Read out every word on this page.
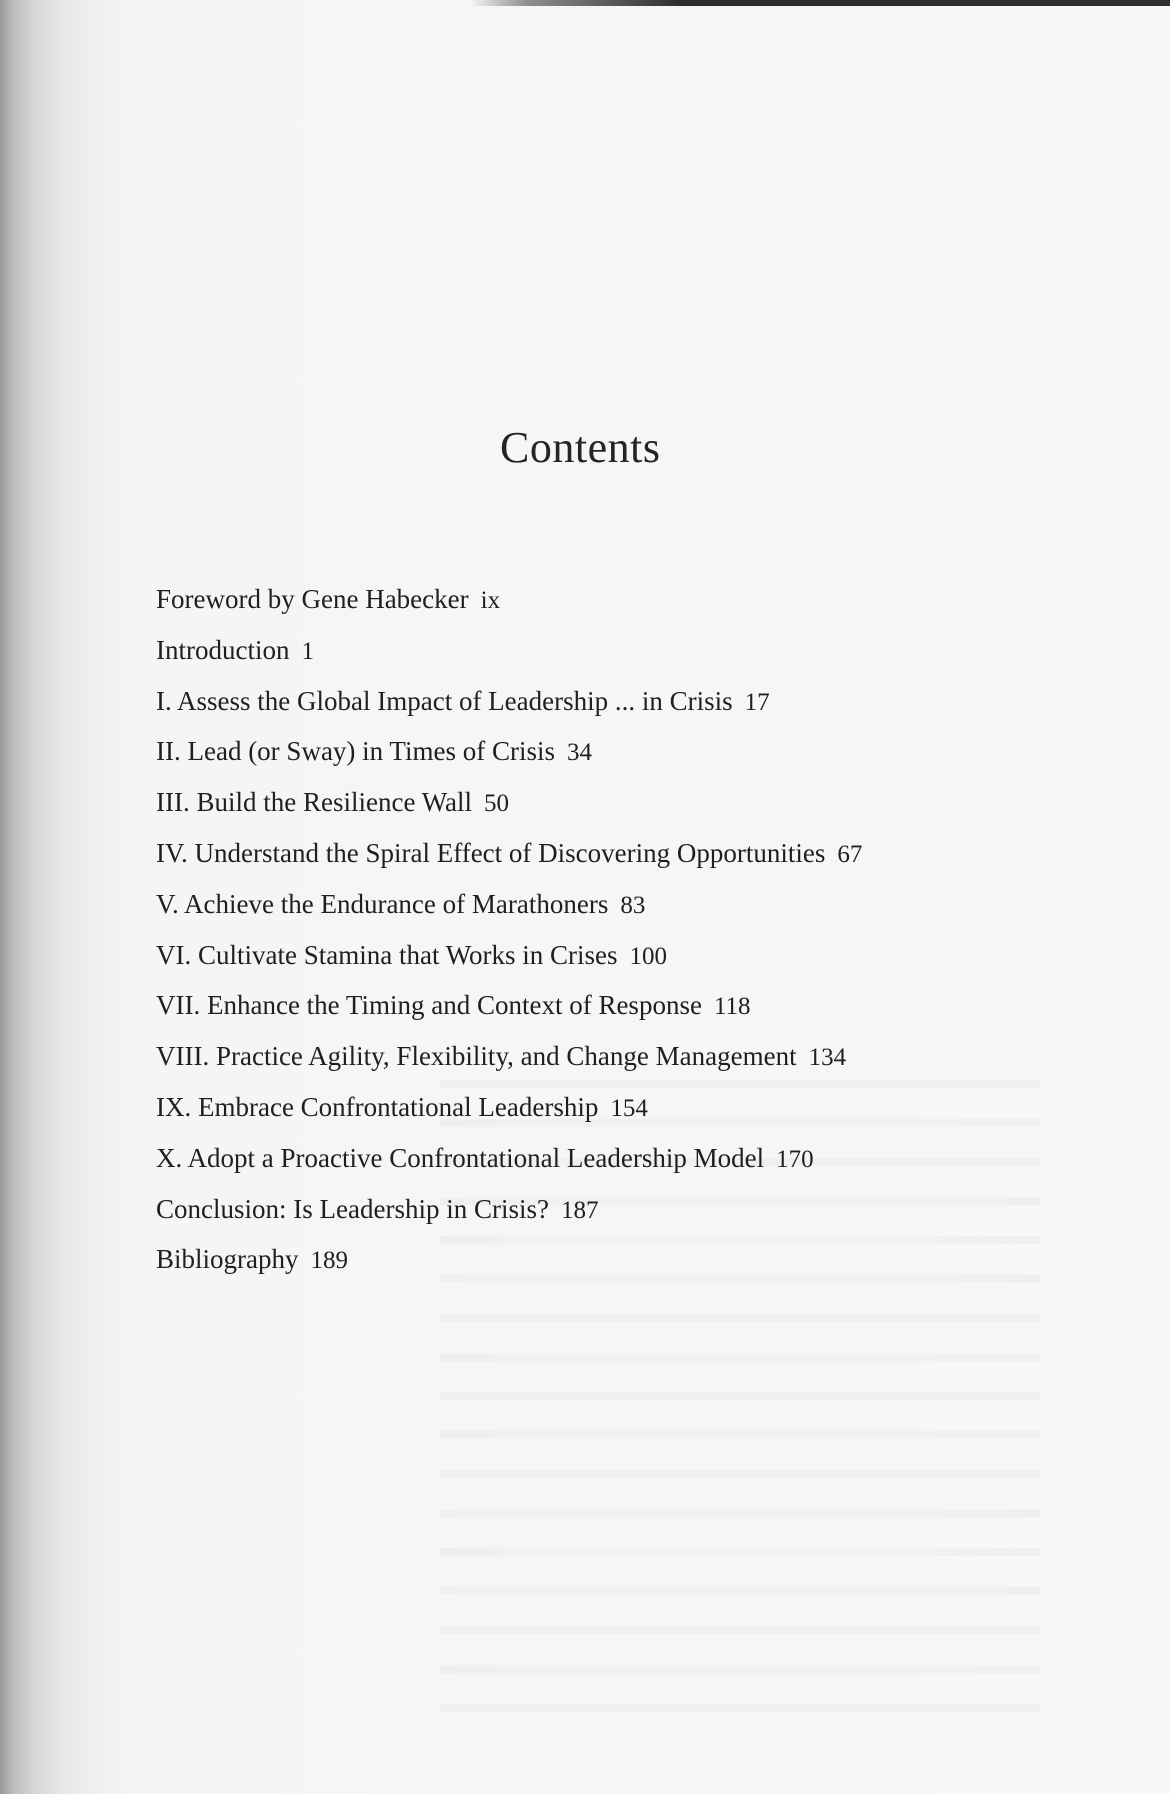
Contents
Foreword by Gene Habecker ix
Introduction 1
I. Assess the Global Impact of Leadership ... in Crisis 17
II. Lead (or Sway) in Times of Crisis 34
III. Build the Resilience Wall 50
IV. Understand the Spiral Effect of Discovering Opportunities 67
V. Achieve the Endurance of Marathoners 83
VI. Cultivate Stamina that Works in Crises 100
VII. Enhance the Timing and Context of Response 118
VIII. Practice Agility, Flexibility, and Change Management 134
IX. Embrace Confrontational Leadership 154
X. Adopt a Proactive Confrontational Leadership Model 170
Conclusion: Is Leadership in Crisis? 187
Bibliography 189
